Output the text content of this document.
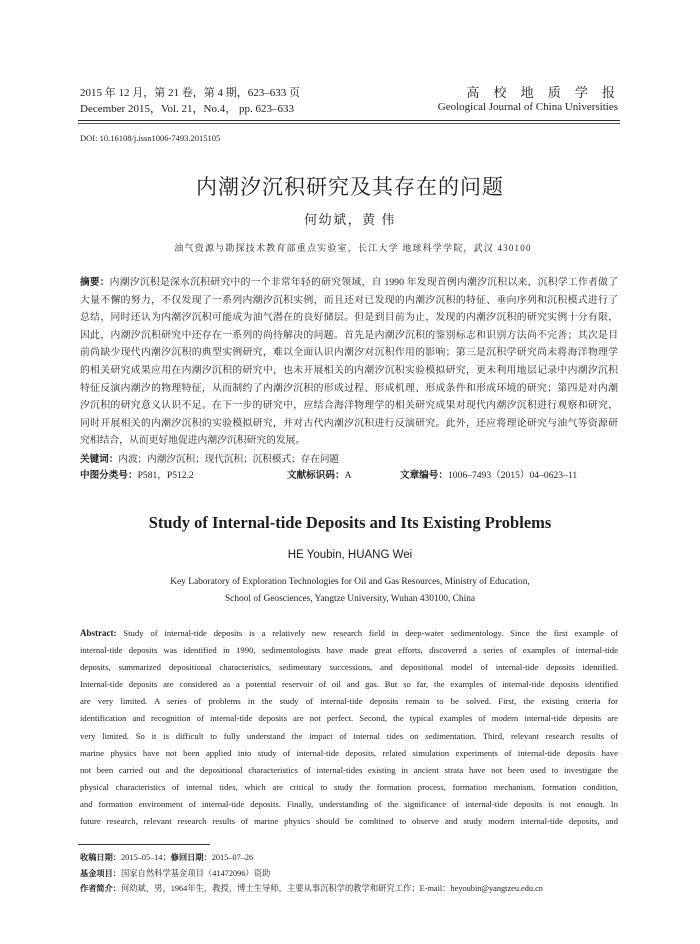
2015 年 12 月，第 21 卷，第 4 期，623–633 页
December 2015，Vol. 21，No.4， pp. 623–633
高 校 地 质 学 报
Geological Journal of China Universities
DOI: 10.16108/j.issn1006-7493.2015105
内潮汐沉积研究及其存在的问题
何幼斌，黄 伟
油气资源与勘探技术教育部重点实验室，长江大学 地球科学学院，武汉 430100
摘要：内潮汐沉积是深水沉积研究中的一个非常年轻的研究领域，自 1990 年发现首例内潮汐沉积以来，沉积学工作者做了
大量不懈的努力，不仅发现了一系列内潮汐沉积实例，而且还对已发现的内潮汐沉积的特征、垂向序列和沉积模式进行了
总结，同时还认为内潮汐沉积可能成为油气潜在的良好储层。但是到目前为止，发现的内潮汐沉积的研究实例十分有限，
因此，内潮汐沉积研究中还存在一系列的尚待解决的问题。首先是内潮汐沉积的鉴别标志和识别方法尚不完善；其次是目
前尚缺少现代内潮汐沉积的典型实例研究，难以全面认识内潮汐对沉积作用的影响；第三是沉积学研究尚未将海洋物理学
的相关研究成果应用在内潮汐沉积的研究中，也未开展相关的内潮汐沉积实验模拟研究，更未利用地层记录中内潮汐沉积
特征反演内潮汐的物理特征，从而制约了内潮汐沉积的形成过程、形成机理、形成条件和形成环境的研究；第四是对内潮
汐沉积的研究意义认识不足。在下一步的研究中，应结合海洋物理学的相关研究成果对现代内潮汐沉积进行观察和研究，
同时开展相关的内潮汐沉积的实验模拟研究，并对古代内潮汐沉积进行反演研究。此外，还应将理论研究与油气等资源研
究相结合，从而更好地促进内潮汐沉积研究的发展。
关键词：内波；内潮汐沉积；现代沉积；沉积模式；存在问题
中图分类号：P581，P512.2	文献标识码：A	文章编号：1006–7493（2015）04–0623–11
Study of Internal-tide Deposits and Its Existing Problems
HE Youbin, HUANG Wei
Key Laboratory of Exploration Technologies for Oil and Gas Resources, Ministry of Education,
School of Geosciences, Yangtze University, Wuhan 430100, China
Abstract: Study of internal-tide deposits is a relatively new research field in deep-water sedimentology. Since the first example of
internal-tide deposits was identified in 1990, sedimentologists have made great efforts, discovered a series of examples of internal-tide
deposits, summarized depositional characteristics, sedimentary successions, and depositional model of internal-tide deposits identified.
Internal-tide deposits are considered as a potential reservoir of oil and gas. But so far, the examples of internal-tide deposits identified
are very limited. A series of problems in the study of internal-tide deposits remain to be solved. First, the existing criteria for
identification and recognition of internal-tide deposits are not perfect. Second, the typical examples of modern internal-tide deposits are
very limited. So it is difficult to fully understand the impact of internal tides on sedimentation. Third, relevant research results of
marine physics have not been applied into study of internal-tide deposits, related simulation experiments of internal-tide deposits have
not been carried out and the depositional characteristics of internal-tides existing in ancient strata have not been used to investigate the
physical characteristics of internal tides, which are critical to study the formation process, formation mechanism, formation condition,
and formation environment of internal-tide deposits. Finally, understanding of the significance of internal-tide deposits is not enough. In
future research, relevant research results of marine physics should be combined to observe and study modern internal-tide deposits, and
收稿日期：2015–05–14；修回日期：2015–07–26
基金项目：国家自然科学基金项目（41472096）资助
作者简介：何幼斌，男，1964年生，教授，博士生导师，主要从事沉积学的教学和研究工作；E-mail：heyoubin@yangtzeu.edu.cn
